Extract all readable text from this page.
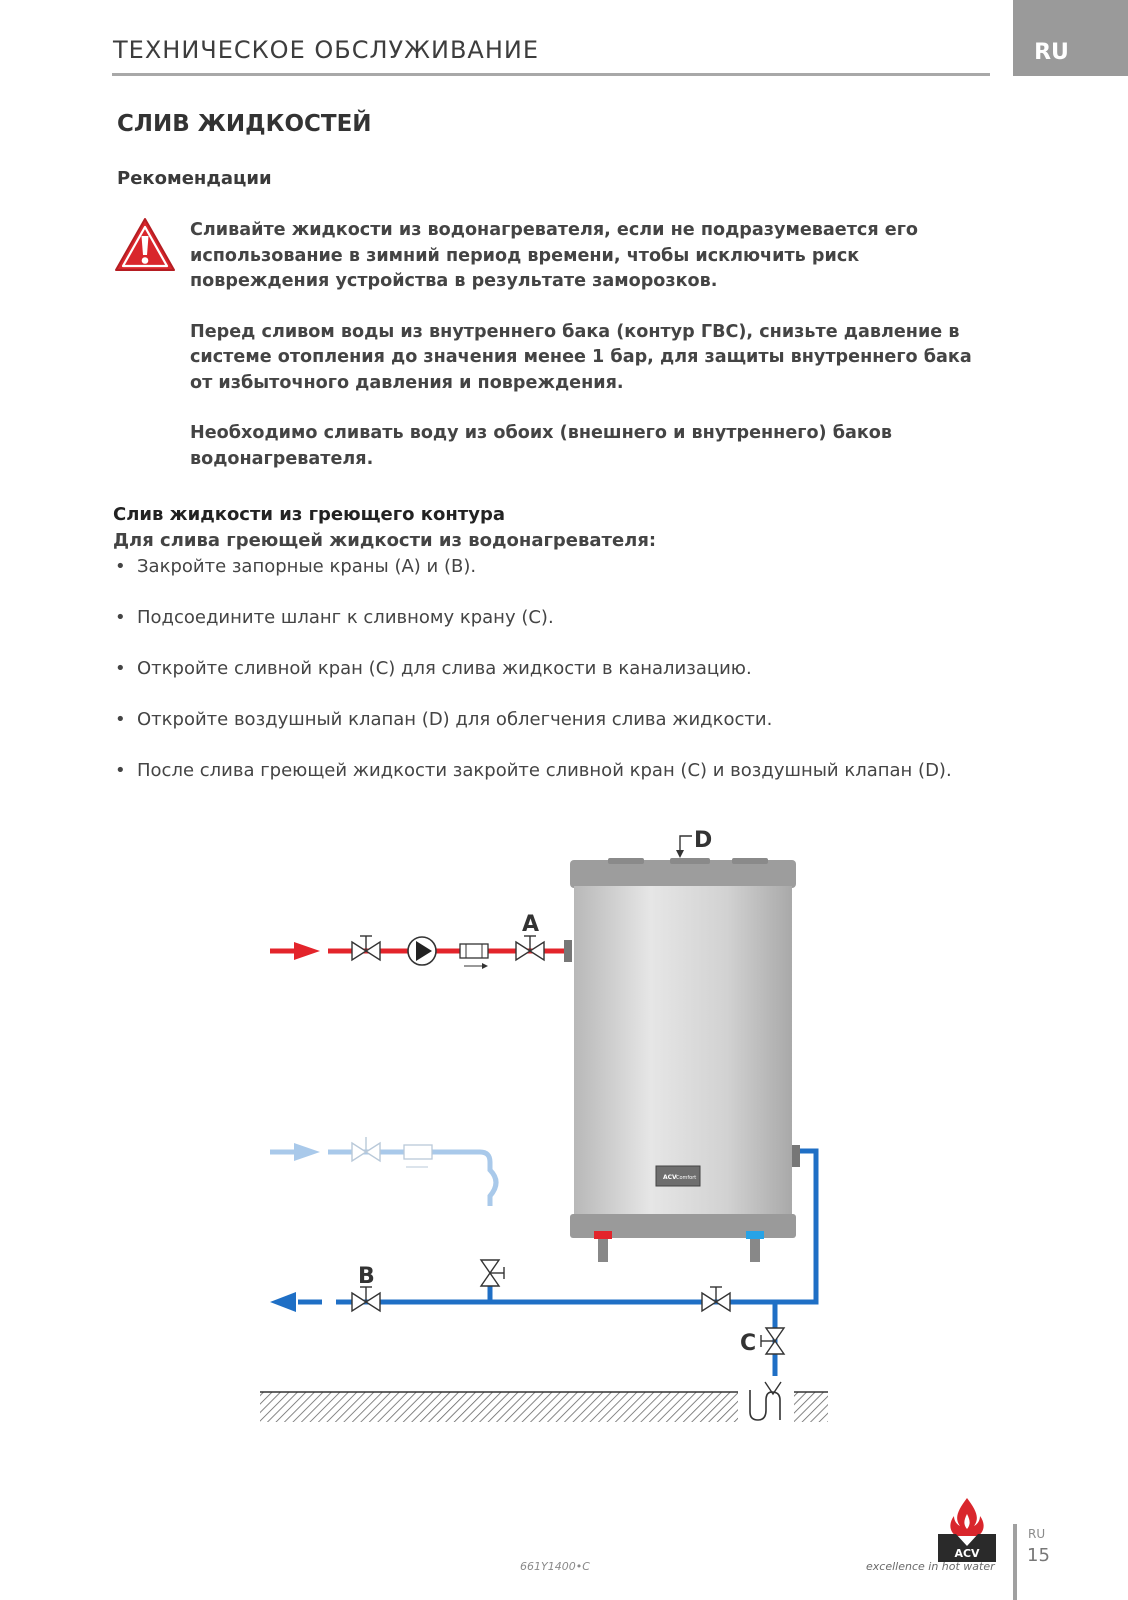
ТЕХНИЧЕСКОЕ ОБСЛУЖИВАНИЕ	RU
СЛИВ ЖИДКОСТЕЙ
Рекомендации

Сливайте жидкости из водонагревателя, если не подразумевается его использование в зимний период времени, чтобы исключить риск повреждения устройства в результате заморозков.

Перед сливом воды из внутреннего бака (контур ГВС), снизьте давление в системе отопления до значения менее 1 бар, для защиты внутреннего бака от избыточного давления и повреждения.

Необходимо сливать воду из обоих (внешнего и внутреннего) баков водонагревателя.

Слив жидкости из греющего контура
Для слива греющей жидкости из водонагревателя:
• Закройте запорные краны (A) и (B).
• Подсоедините шланг к сливному крану (C).
• Откройте сливной кран (C) для слива жидкости в канализацию.
• Откройте воздушный клапан (D) для облегчения слива жидкости.
• После слива греющей жидкости закройте сливной кран (C) и воздушный клапан (D).
ACV Comfort
D
A
B
C
661Y1400•C
ACV
excellence in hot water
RU
15
